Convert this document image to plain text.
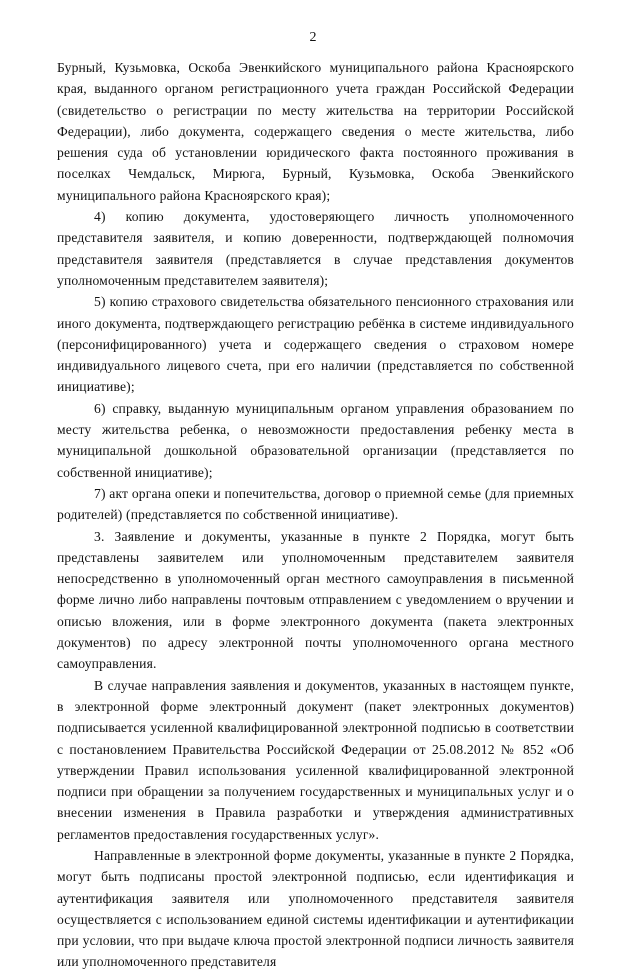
2

Бурный, Кузьмовка, Оскоба Эвенкийского муниципального района Красноярского края, выданного органом регистрационного учета граждан Российской Федерации (свидетельство о регистрации по месту жительства на территории Российской Федерации), либо документа, содержащего сведения о месте жительства, либо решения суда об установлении юридического факта постоянного проживания в поселках Чемдальск, Мирюга, Бурный, Кузьмовка, Оскоба Эвенкийского муниципального района Красноярского края);

4) копию документа, удостоверяющего личность уполномоченного представителя заявителя, и копию доверенности, подтверждающей полномочия представителя заявителя (представляется в случае представления документов уполномоченным представителем заявителя);

5) копию страхового свидетельства обязательного пенсионного страхования или иного документа, подтверждающего регистрацию ребёнка в системе индивидуального (персонифицированного) учета и содержащего сведения о страховом номере индивидуального лицевого счета, при его наличии (представляется по собственной инициативе);

6) справку, выданную муниципальным органом управления образованием по месту жительства ребенка, о невозможности предоставления ребенку места в муниципальной дошкольной образовательной организации (представляется по собственной инициативе);

7) акт органа опеки и попечительства, договор о приемной семье (для приемных родителей) (представляется по собственной инициативе).

3. Заявление и документы, указанные в пункте 2 Порядка, могут быть представлены заявителем или уполномоченным представителем заявителя непосредственно в уполномоченный орган местного самоуправления в письменной форме лично либо направлены почтовым отправлением с уведомлением о вручении и описью вложения, или в форме электронного документа (пакета электронных документов) по адресу электронной почты уполномоченного органа местного самоуправления.

В случае направления заявления и документов, указанных в настоящем пункте, в электронной форме электронный документ (пакет электронных документов) подписывается усиленной квалифицированной электронной подписью в соответствии с постановлением Правительства Российской Федерации от 25.08.2012 № 852 «Об утверждении Правил использования усиленной квалифицированной электронной подписи при обращении за получением государственных и муниципальных услуг и о внесении изменения в Правила разработки и утверждения административных регламентов предоставления государственных услуг».

Направленные в электронной форме документы, указанные в пункте 2 Порядка, могут быть подписаны простой электронной подписью, если идентификация и аутентификация заявителя или уполномоченного представителя заявителя осуществляется с использованием единой системы идентификации и аутентификации при условии, что при выдаче ключа простой электронной подписи личность заявителя или уполномоченного представителя
